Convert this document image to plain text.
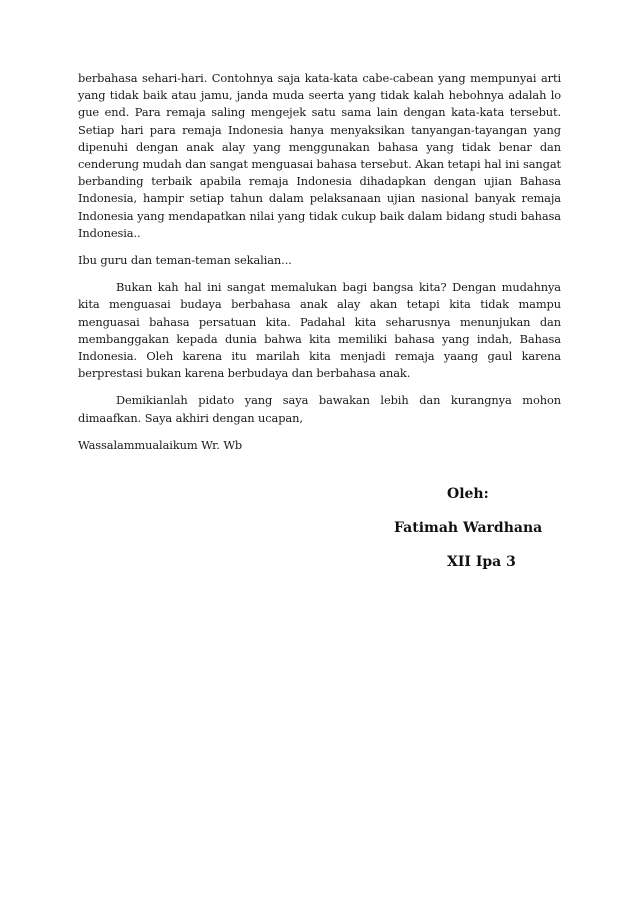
berbahasa sehari-hari. Contohnya saja kata-kata cabe-cabean yang mempunyai arti yang tidak baik atau jamu, janda muda seerta yang tidak kalah hebohnya adalah lo gue end. Para remaja saling mengejek satu sama lain dengan kata-kata tersebut. Setiap hari para remaja Indonesia hanya menyaksikan tanyangan-tayangan yang dipenuhi dengan anak alay yang menggunakan bahasa yang tidak benar dan cenderung mudah dan sangat menguasai bahasa tersebut. Akan tetapi hal ini sangat berbanding terbaik apabila remaja Indonesia dihadapkan dengan ujian Bahasa Indonesia, hampir setiap tahun dalam pelaksanaan ujian nasional banyak remaja Indonesia yang mendapatkan nilai yang tidak cukup baik dalam bidang studi bahasa Indonesia..

Ibu guru dan teman-teman sekalian...

Bukan kah hal ini sangat memalukan bagi bangsa kita? Dengan mudahnya kita menguasai budaya berbahasa anak alay akan tetapi kita tidak mampu menguasai bahasa persatuan kita. Padahal kita seharusnya menunjukan dan membanggakan kepada dunia bahwa kita memiliki bahasa yang indah, Bahasa Indonesia. Oleh karena itu marilah kita menjadi remaja yaang gaul karena berprestasi bukan karena berbudaya dan berbahasa anak.

Demikianlah pidato yang saya bawakan lebih dan kurangnya mohon dimaafkan. Saya akhiri dengan ucapan,

Wassalammualaikum Wr. Wb

Oleh:

Fatimah Wardhana

XII Ipa 3
